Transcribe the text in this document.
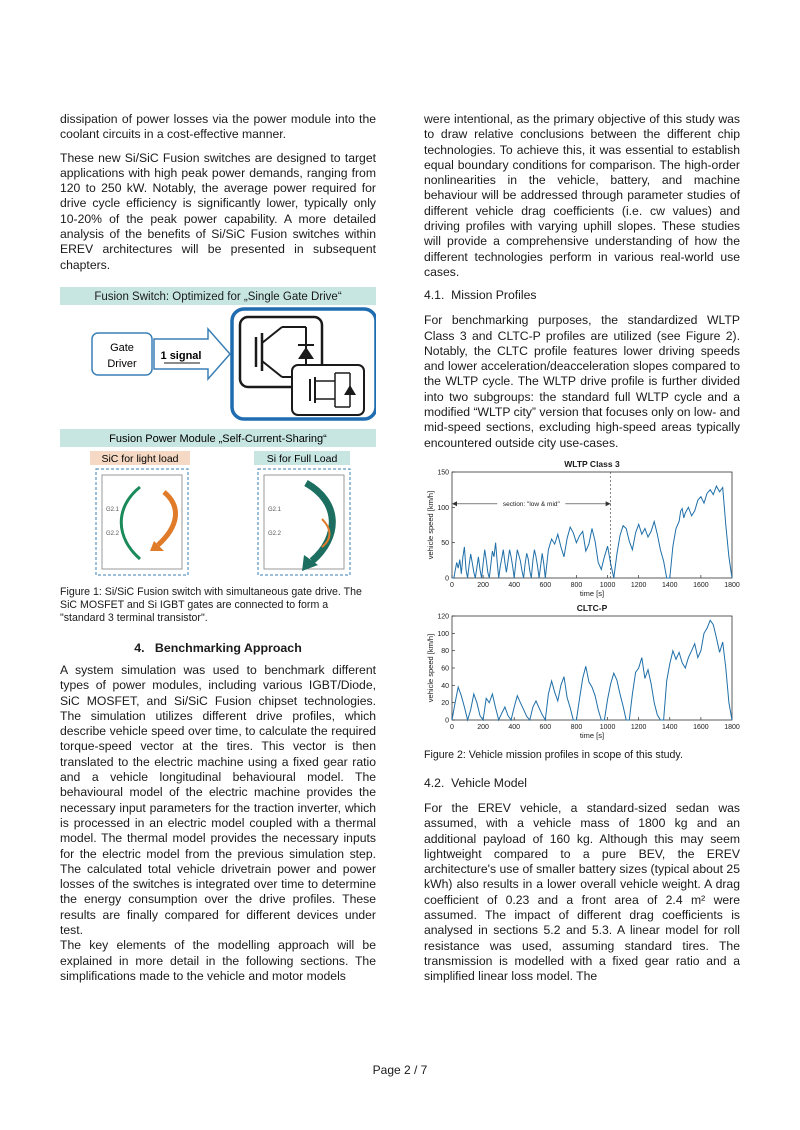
dissipation of power losses via the power module into the coolant circuits in a cost-effective manner.

These new Si/SiC Fusion switches are designed to target applications with high peak power demands, ranging from 120 to 250 kW. Notably, the average power required for drive cycle efficiency is significantly lower, typically only 10-20% of the peak power capability. A more detailed analysis of the benefits of Si/SiC Fusion switches within EREV architectures will be presented in subsequent chapters.

Fusion Switch: Optimized for „Single Gate Drive“
Gate
Driver
1 signal
Fusion Power Module „Self-Current-Sharing“
SiC for light load	Si for Full Load
G2.1
G2.2
G2.1
G2.2

Figure 1: Si/SiC Fusion switch with simultaneous gate drive. The SiC MOSFET and Si IGBT gates are connected to form a "standard 3 terminal transistor".

4.   Benchmarking Approach

A system simulation was used to benchmark different types of power modules, including various IGBT/Diode, SiC MOSFET, and Si/SiC Fusion chipset technologies. The simulation utilizes different drive profiles, which describe vehicle speed over time, to calculate the required torque-speed vector at the tires. This vector is then translated to the electric machine using a fixed gear ratio and a vehicle longitudinal behavioural model. The behavioural model of the electric machine provides the necessary input parameters for the traction inverter, which is processed in an electric model coupled with a thermal model. The thermal model provides the necessary inputs for the electric model from the previous simulation step. The calculated total vehicle drivetrain power and power losses of the switches is integrated over time to determine the energy consumption over the drive profiles. These results are finally compared for different devices under test.

The key elements of the modelling approach will be explained in more detail in the following sections. The simplifications made to the vehicle and motor models

were intentional, as the primary objective of this study was to draw relative conclusions between the different chip technologies. To achieve this, it was essential to establish equal boundary conditions for comparison. The high-order nonlinearities in the vehicle, battery, and machine behaviour will be addressed through parameter studies of different vehicle drag coefficients (i.e. cw values) and driving profiles with varying uphill slopes. These studies will provide a comprehensive understanding of how the different technologies perform in various real-world use cases.

4.1.  Mission Profiles

For benchmarking purposes, the standardized WLTP Class 3 and CLTC-P profiles are utilized (see Figure 2). Notably, the CLTC profile features lower driving speeds and lower acceleration/deacceleration slopes compared to the WLTP cycle. The WLTP drive profile is further divided into two subgroups: the standard full WLTP cycle and a modified “WLTP city” version that focuses only on low- and mid-speed sections, excluding high-speed areas typically encountered outside city use-cases.

WLTP Class 3
0	200	400	600	800 1000 1200 1400 1600 1800
0
50
100
150
time [s]
vehicle speed [km/h]	section: "low & mid"

CLTC-P
0	200	400	600	800 1000 1200 1400 1600 1800
0
20
40
60
80
100
120
time [s]
vehicle speed [km/h]

Figure 2: Vehicle mission profiles in scope of this study.

4.2.  Vehicle Model

For the EREV vehicle, a standard-sized sedan was assumed, with a vehicle mass of 1800 kg and an additional payload of 160 kg. Although this may seem lightweight compared to a pure BEV, the EREV architecture's use of smaller battery sizes (typical about 25 kWh) also results in a lower overall vehicle weight. A drag coefficient of 0.23 and a front area of 2.4 m² were assumed. The impact of different drag coefficients is analysed in sections 5.2 and 5.3. A linear model for roll resistance was used, assuming standard tires. The transmission is modelled with a fixed gear ratio and a simplified linear loss model. The

Page 2 / 7
